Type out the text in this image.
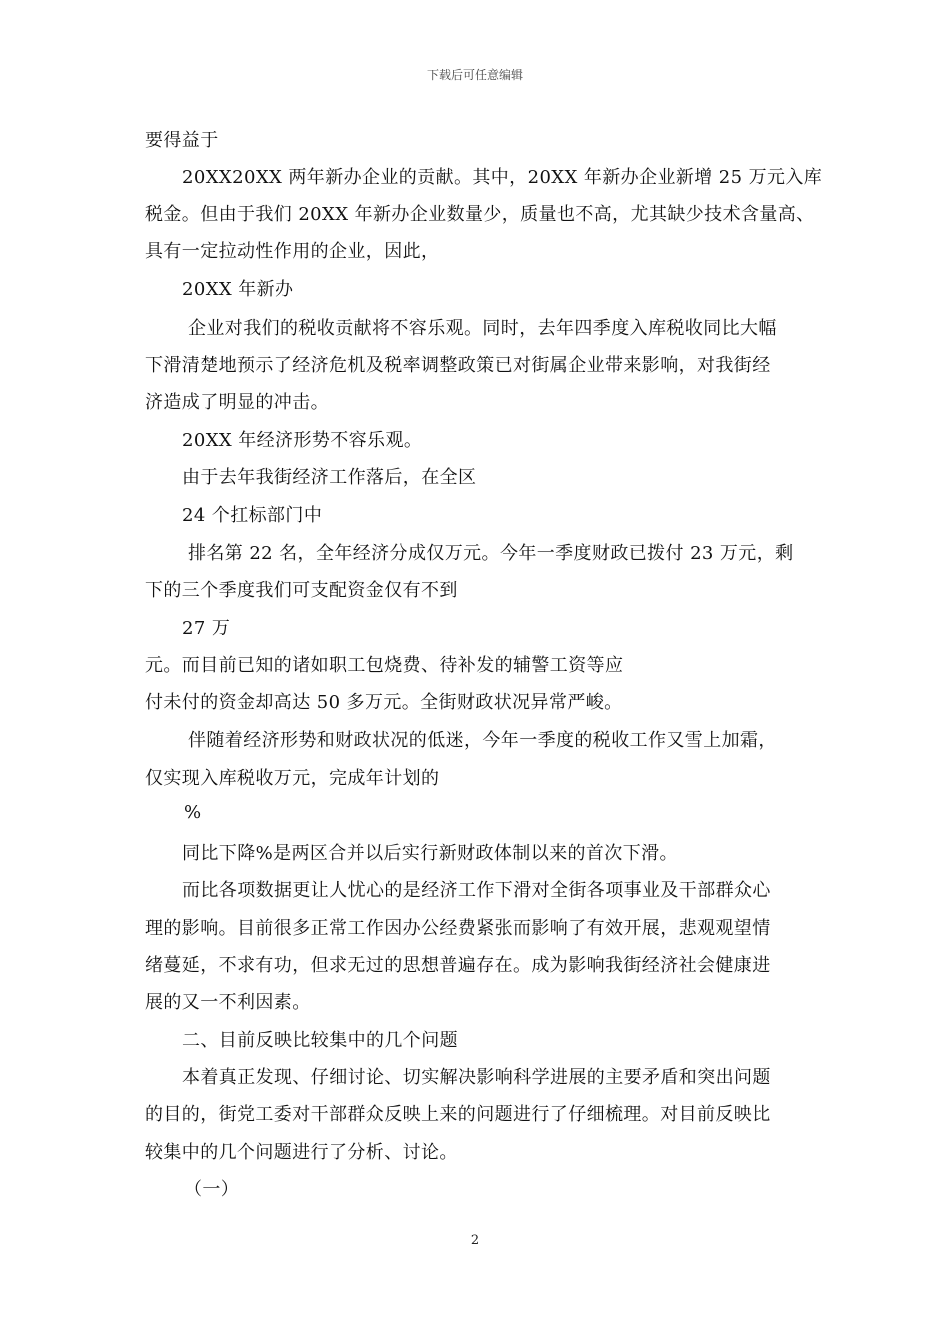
下载后可任意编辑
要得益于
20XX20XX 两年新办企业的贡献。其中，20XX 年新办企业新增 25 万元入库
税金。但由于我们 20XX 年新办企业数量少，质量也不高，尤其缺少技术含量高、
具有一定拉动性作用的企业，因此，
20XX 年新办
企业对我们的税收贡献将不容乐观。同时，去年四季度入库税收同比大幅
下滑清楚地预示了经济危机及税率调整政策已对街属企业带来影响，对我街经
济造成了明显的冲击。
20XX 年经济形势不容乐观。
由于去年我街经济工作落后，在全区
24 个扛标部门中
排名第 22 名，全年经济分成仅万元。今年一季度财政已拨付 23 万元，剩
下的三个季度我们可支配资金仅有不到
27 万
元。而目前已知的诸如职工包烧费、待补发的辅警工资等应
付未付的资金却高达 50 多万元。全街财政状况异常严峻。
伴随着经济形势和财政状况的低迷，今年一季度的税收工作又雪上加霜，
仅实现入库税收万元，完成年计划的
%
同比下降%是两区合并以后实行新财政体制以来的首次下滑。
而比各项数据更让人忧心的是经济工作下滑对全街各项事业及干部群众心
理的影响。目前很多正常工作因办公经费紧张而影响了有效开展，悲观观望情
绪蔓延，不求有功，但求无过的思想普遍存在。成为影响我街经济社会健康进
展的又一不利因素。
二、目前反映比较集中的几个问题
本着真正发现、仔细讨论、切实解决影响科学进展的主要矛盾和突出问题
的目的，街党工委对干部群众反映上来的问题进行了仔细梳理。对目前反映比
较集中的几个问题进行了分析、讨论。
（一）
2
